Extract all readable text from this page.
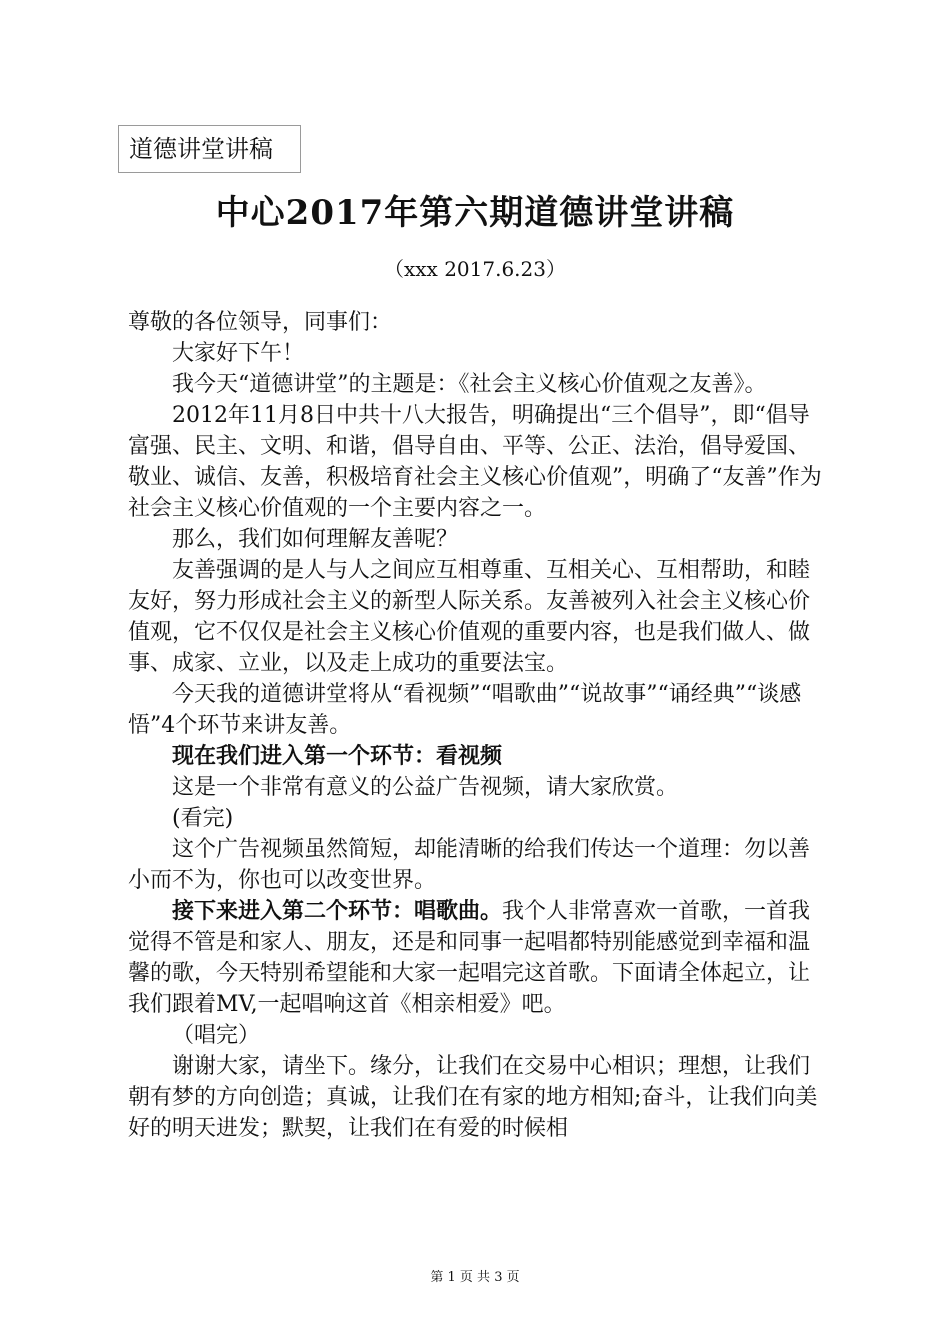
道德讲堂讲稿
中心2017年第六期道德讲堂讲稿
（xxx 2017.6.23）

尊敬的各位领导，同事们：

大家好下午！

我今天“道德讲堂”的主题是：《社会主义核心价值观之友善》。

2012年11月8日中共十八大报告，明确提出“三个倡导”，即“倡导富强、民主、文明、和谐，倡导自由、平等、公正、法治，倡导爱国、敬业、诚信、友善，积极培育社会主义核心价值观”，明确了“友善”作为社会主义核心价值观的一个主要内容之一。

那么，我们如何理解友善呢？

友善强调的是人与人之间应互相尊重、互相关心、互相帮助，和睦友好，努力形成社会主义的新型人际关系。友善被列入社会主义核心价值观，它不仅仅是社会主义核心价值观的重要内容，也是我们做人、做事、成家、立业，以及走上成功的重要法宝。

今天我的道德讲堂将从“看视频”“唱歌曲”“说故事”“诵经典”“谈感悟”4个环节来讲友善。

现在我们进入第一个环节：看视频

这是一个非常有意义的公益广告视频，请大家欣赏。

(看完)

这个广告视频虽然简短，却能清晰的给我们传达一个道理：勿以善小而不为，你也可以改变世界。

接下来进入第二个环节：唱歌曲。我个人非常喜欢一首歌，一首我觉得不管是和家人、朋友，还是和同事一起唱都特别能感觉到幸福和温馨的歌，今天特别希望能和大家一起唱完这首歌。下面请全体起立，让我们跟着MV,一起唱响这首《相亲相爱》吧。

（唱完）

谢谢大家，请坐下。缘分，让我们在交易中心相识；理想，让我们朝有梦的方向创造；真诚，让我们在有家的地方相知;奋斗，让我们向美好的明天进发；默契，让我们在有爱的时候相

第 1 页 共 3 页
